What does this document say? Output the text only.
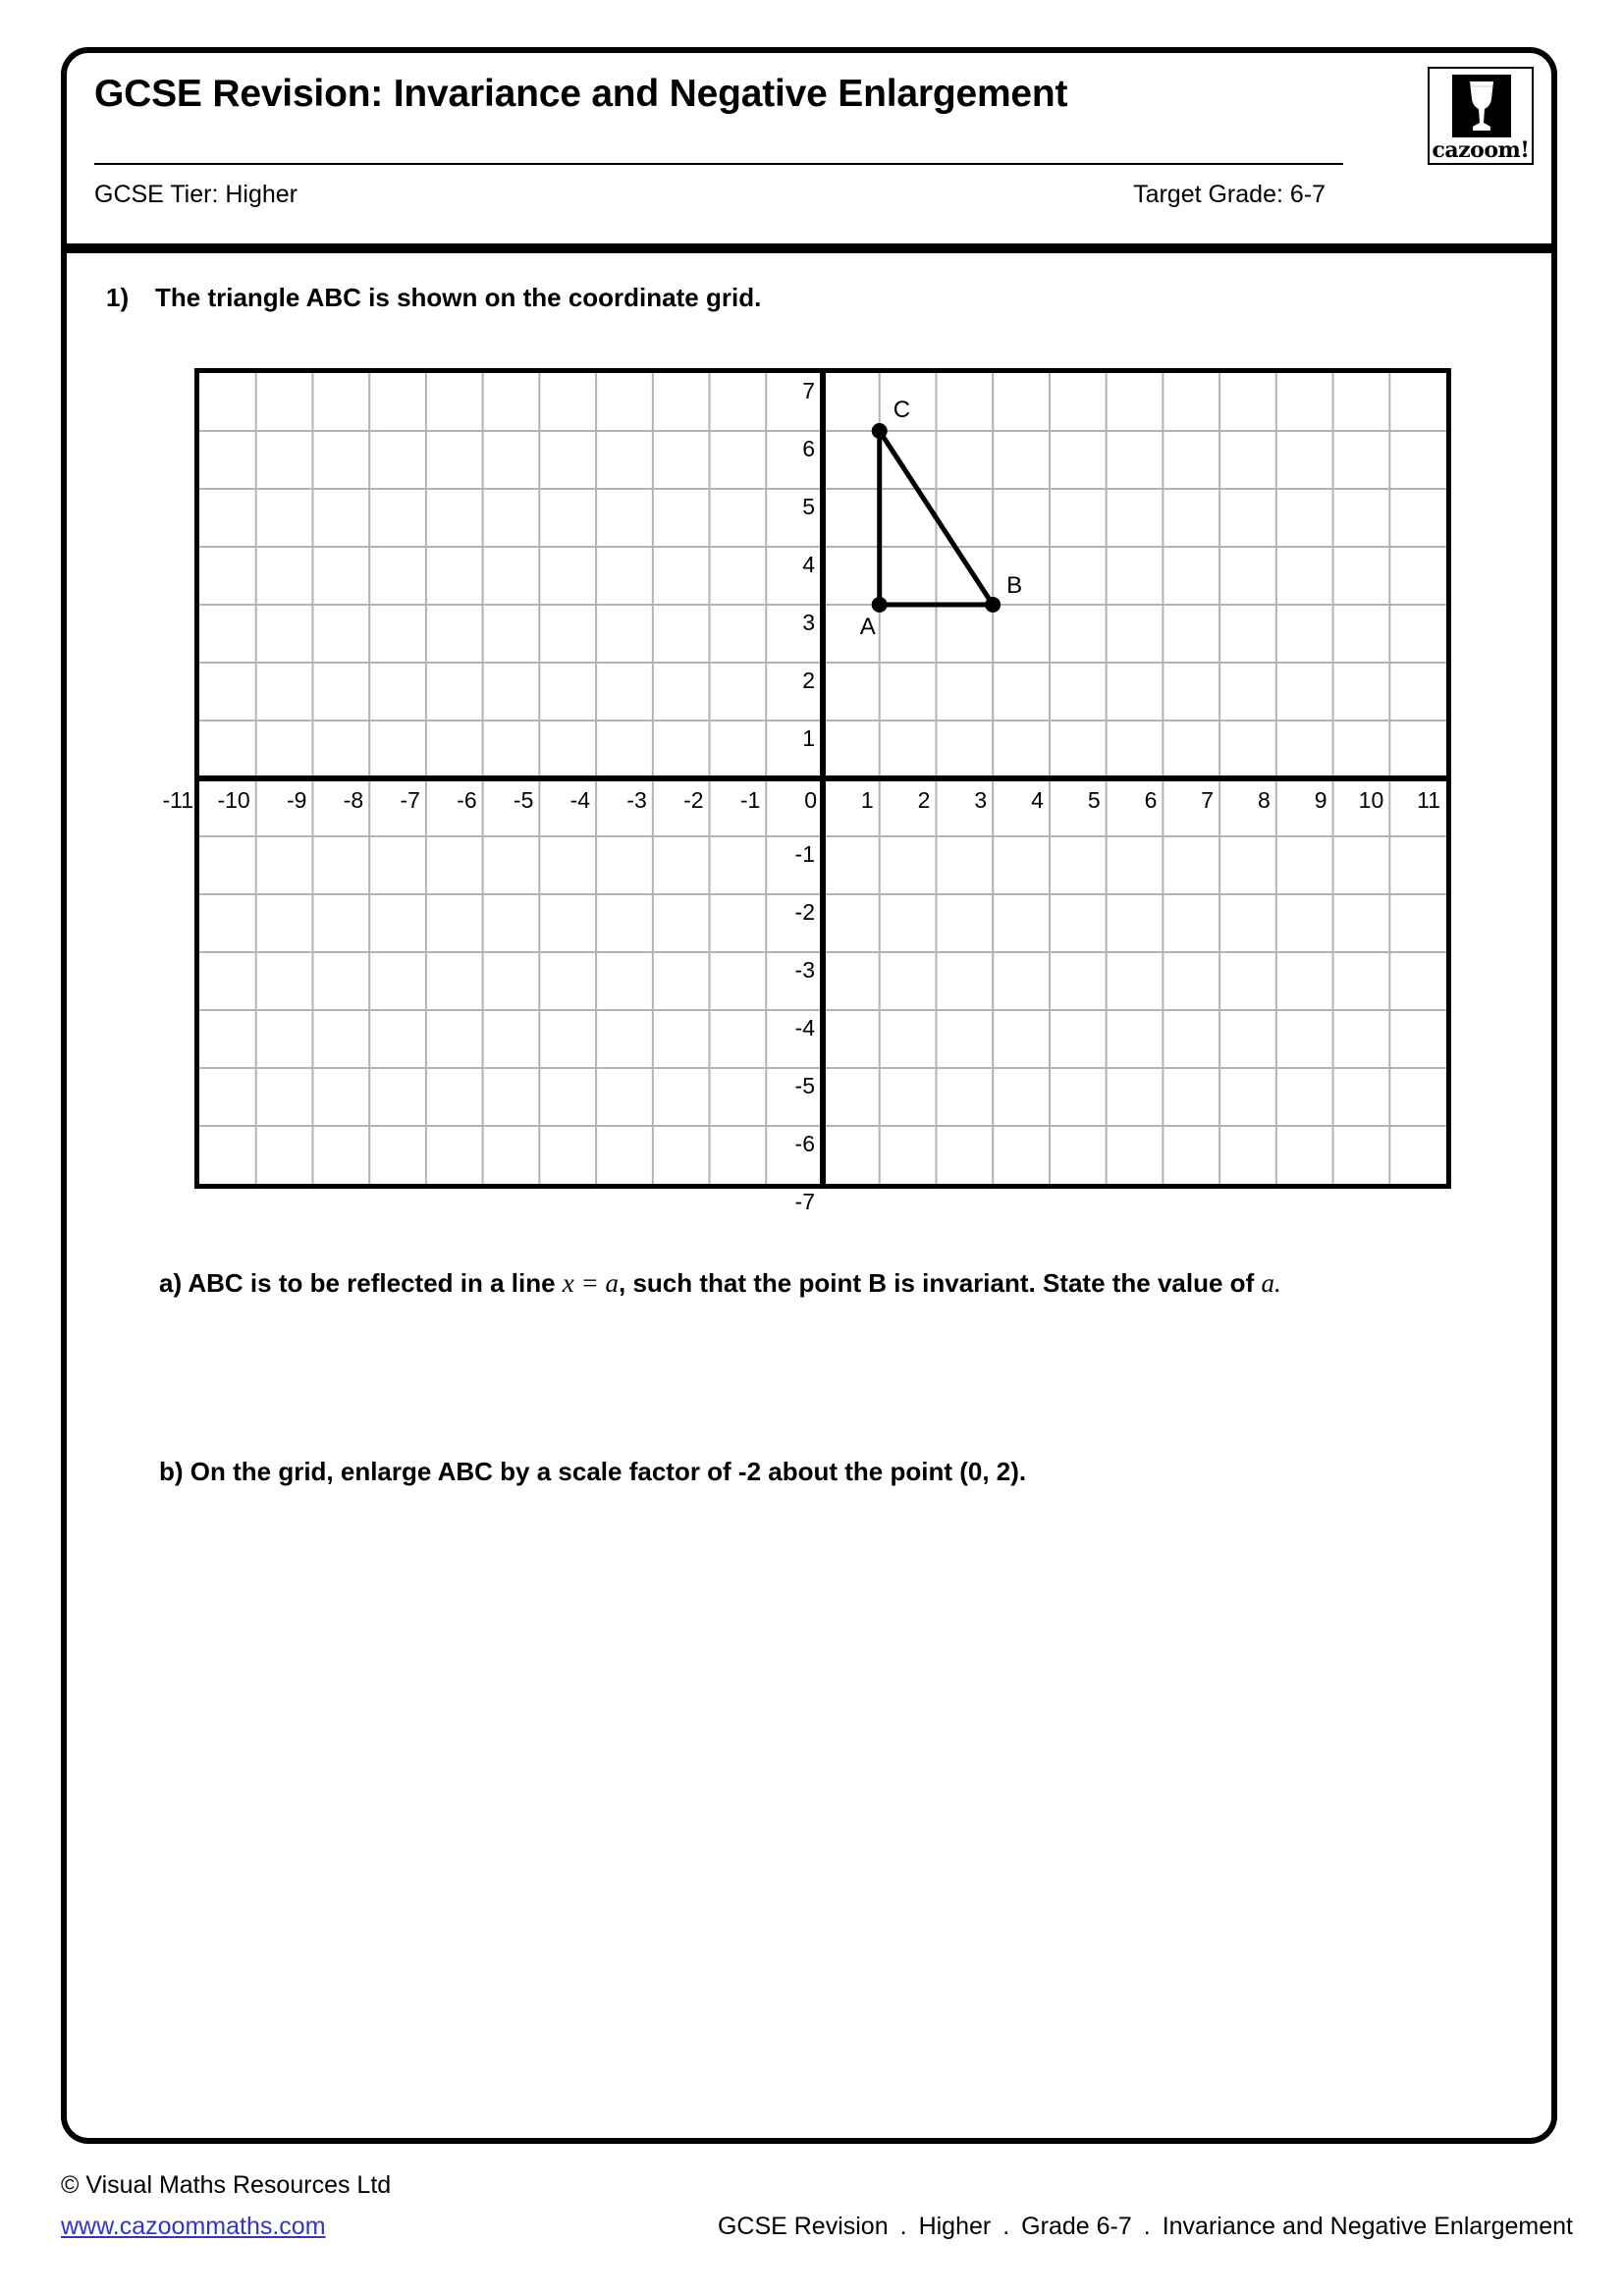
GCSE Revision: Invariance and Negative Enlargement
GCSE Tier: Higher	Target Grade: 6-7
cazoom!
1) The triangle ABC is shown on the coordinate grid.
-11 -10 -9 -8 -7 -6 -5 -4 -3 -2 -1 0 1 2 3 4 5 6 7 8 9 10 11
7
6
5
4
3
2
1
-1
-2
-3
-4
-5
-6
-7
A
B
C
a) ABC is to be reflected in a line x = a, such that the point B is invariant. State the value of a.
b) On the grid, enlarge ABC by a scale factor of -2 about the point (0, 2).
© Visual Maths Resources Ltd
www.cazoommaths.com	GCSE Revision . Higher . Grade 6-7 . Invariance and Negative Enlargement
